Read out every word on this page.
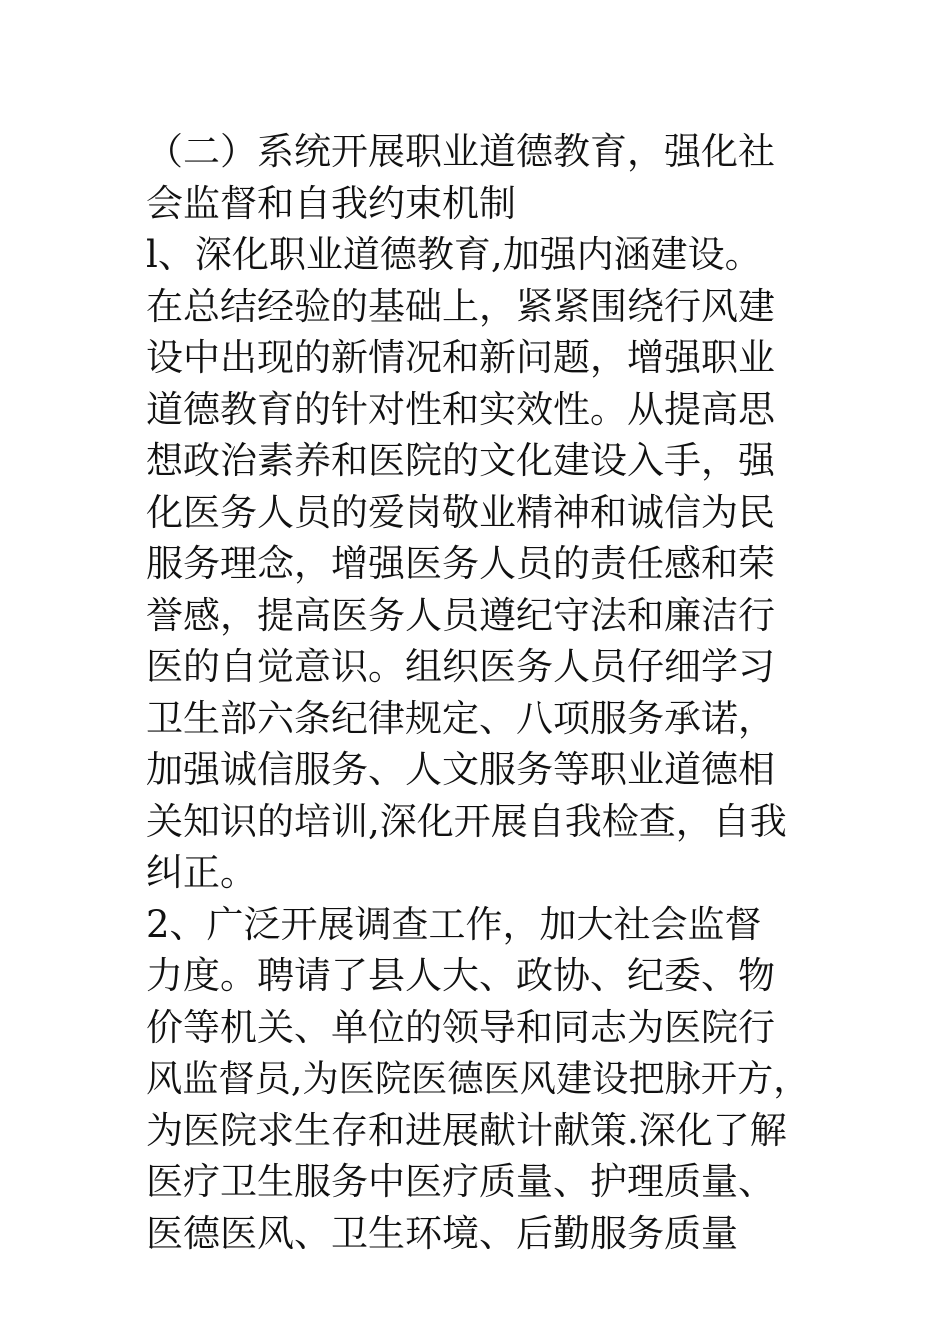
（二）系统开展职业道德教育，强化社
会监督和自我约束机制
l、深化职业道德教育,加强内涵建设。
在总结经验的基础上，紧紧围绕行风建
设中出现的新情况和新问题，增强职业
道德教育的针对性和实效性。从提高思
想政治素养和医院的文化建设入手，强
化医务人员的爱岗敬业精神和诚信为民
服务理念，增强医务人员的责任感和荣
誉感，提高医务人员遵纪守法和廉洁行
医的自觉意识。组织医务人员仔细学习
卫生部六条纪律规定、八项服务承诺，
加强诚信服务、人文服务等职业道德相
关知识的培训,深化开展自我检查，自我
纠正。
2、广泛开展调查工作，加大社会监督
力度。聘请了县人大、政协、纪委、物
价等机关、单位的领导和同志为医院行
风监督员,为医院医德医风建设把脉开方，
为医院求生存和进展献计献策.深化了解
医疗卫生服务中医疗质量、护理质量、
医德医风、卫生环境、后勤服务质量
